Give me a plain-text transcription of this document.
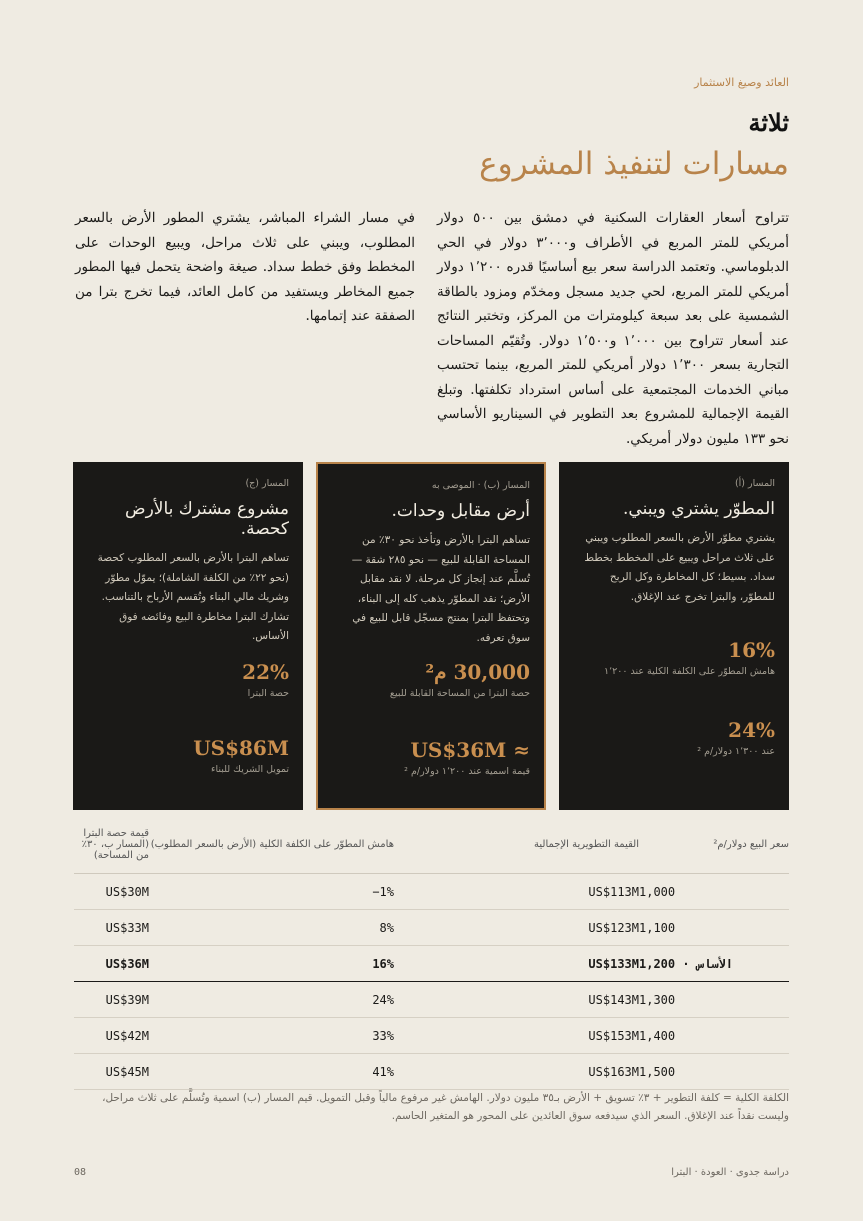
العائد وصيغ الاستثمار
ثلاثة
مسارات لتنفيذ المشروع

تتراوح أسعار العقارات السكنية في دمشق بين ٥٠٠ دولار أمريكي للمتر المربع في الأطراف و٣٬٠٠٠ دولار في الحي الدبلوماسي. وتعتمد الدراسة سعر بيع أساسيًا قدره ١٬٢٠٠ دولار أمريكي للمتر المربع، لحي جديد مسجل ومخدّم ومزود بالطاقة الشمسية على بعد سبعة كيلومترات من المركز، وتختبر النتائج عند أسعار تتراوح بين ١٬٠٠٠ و١٬٥٠٠ دولار. وتُقيّم المساحات التجارية بسعر ١٬٣٠٠ دولار أمريكي للمتر المربع، بينما تحتسب مباني الخدمات المجتمعية على أساس استرداد تكلفتها. وتبلغ القيمة الإجمالية للمشروع بعد التطوير في السيناريو الأساسي نحو ١٣٣ مليون دولار أمريكي.

في مسار الشراء المباشر، يشتري المطور الأرض بالسعر المطلوب، ويبني على ثلاث مراحل، ويبيع الوحدات على المخطط وفق خطط سداد. صيغة واضحة يتحمل فيها المطور جميع المخاطر ويستفيد من كامل العائد، فيما تخرج بترا من الصفقة عند إتمامها.

المسار (أ)
المطوّر يشتري ويبني.
يشتري مطوّر الأرض بالسعر المطلوب ويبني على ثلاث مراحل ويبيع على المخطط بخطط سداد. بسيط؛ كل المخاطرة وكل الربح للمطوّر، والبترا تخرج عند الإغلاق.
16%
هامش المطوّر على الكلفة الكلية عند ١٬٢٠٠
24%
عند ١٬٣٠٠ دولار/م ²
المسار (ب) · الموصى به
أرض مقابل وحدات.
تساهم البترا بالأرض وتأخذ نحو ٣٠٪ من المساحة القابلة للبيع — نحو ٢٨٥ شقة — تُسلَّم عند إنجاز كل مرحلة. لا نقد مقابل الأرض؛ نقد المطوّر يذهب كله إلى البناء، وتحتفظ البترا بمنتج مسجّل قابل للبيع في سوق تعرفه.
30,000 م²
حصة البترا من المساحة القابلة للبيع
≈ US$36M
قيمة اسمية عند ١٬٢٠٠ دولار/م ²
المسار (ج)
مشروع مشترك بالأرض كحصة.
تساهم البترا بالأرض بالسعر المطلوب كحصة (نحو ٢٢٪ من الكلفة الشاملة)؛ يموّل مطوّر وشريك مالي البناء وتُقسم الأرباح بالتناسب. تشارك البترا مخاطرة البيع وفائضه فوق الأساس.
22%
حصة البترا
US$86M
تمويل الشريك للبناء
سعر البيع دولار/م²	القيمة التطويرية الإجمالية	هامش المطوّر على الكلفة الكلية (الأرض بالسعر المطلوب)	قيمة حصة البترا (المسار ب، ٣٠٪ من المساحة)
1,000	US$113M	−1%	US$30M
1,100	US$123M	8%	US$33M
الأساس · 1,200	US$133M	16%	US$36M
1,300	US$143M	24%	US$39M
1,400	US$153M	33%	US$42M
1,500	US$163M	41%	US$45M
الكلفة الكلية = كلفة التطوير + ٣٪ تسويق + الأرض بـ٣٥ مليون دولار. الهامش غير مرفوع مالياً وقبل التمويل. قيم المسار (ب) اسمية وتُسلَّم على ثلاث مراحل، وليست نقداً عند الإغلاق. السعر الذي سيدفعه سوق العائدين على المحور هو المتغير الحاسم.
دراسة جدوى · العودة · البترا
08
